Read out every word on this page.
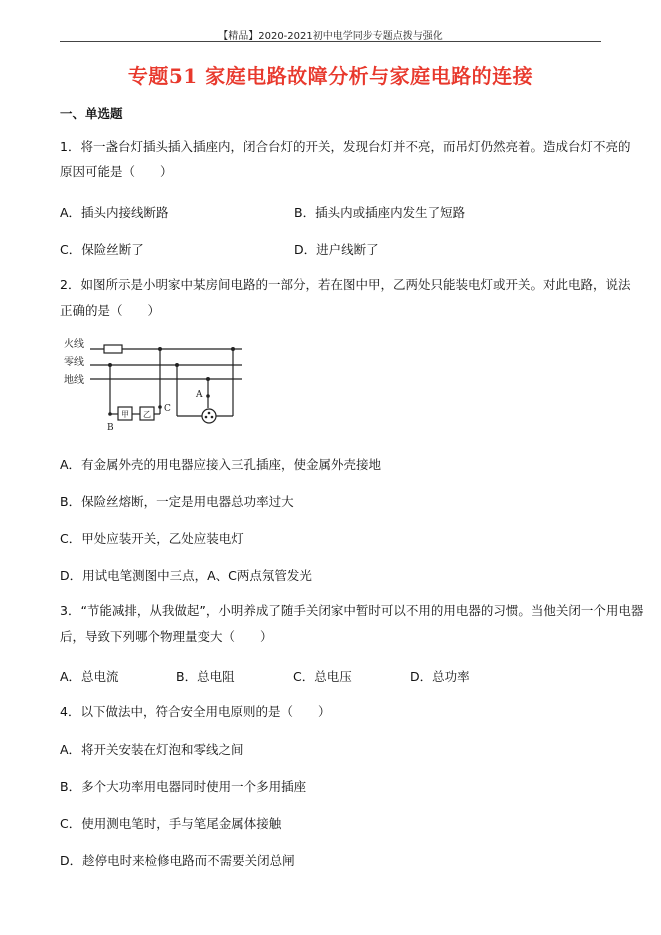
【精品】2020-2021初中电学同步专题点拨与强化
专题51 家庭电路故障分析与家庭电路的连接
一、单选题
1．将一盏台灯插头插入插座内，闭合台灯的开关，发现台灯并不亮，而吊灯仍然亮着。造成台灯不亮的
原因可能是（　　）
A．插头内接线断路	B．插头内或插座内发生了短路
C．保险丝断了	D．进户线断了
2．如图所示是小明家中某房间电路的一部分，若在图中甲，乙两处只能装电灯或开关。对此电路，说法
正确的是（　　）
火线
零线
地线
甲 乙
B
C
A
A．有金属外壳的用电器应接入三孔插座，使金属外壳接地
B．保险丝熔断，一定是用电器总功率过大
C．甲处应装开关，乙处应装电灯
D．用试电笔测图中三点，A、C两点氖管发光
3．“节能减排，从我做起”，小明养成了随手关闭家中暂时可以不用的用电器的习惯。当他关闭一个用电器
后，导致下列哪个物理量变大（　　）
A．总电流	B．总电阻	C．总电压	D．总功率
4．以下做法中，符合安全用电原则的是（　　）
A．将开关安装在灯泡和零线之间
B．多个大功率用电器同时使用一个多用插座
C．使用测电笔时，手与笔尾金属体接触
D．趁停电时来检修电路而不需要关闭总闸
